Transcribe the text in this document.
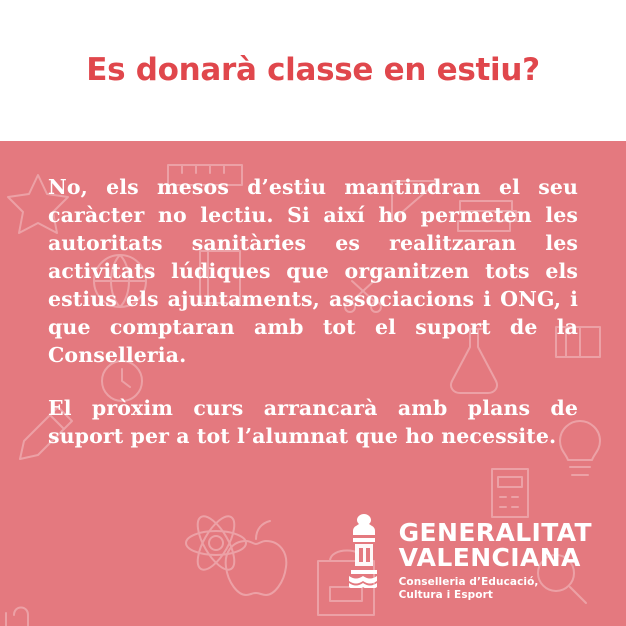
Es donarà classe en estiu?

No, els mesos d’estiu mantindran el seu caràcter no lectiu. Si així ho permeten les autoritats sanitàries es realitzaran les activitats lúdiques que organitzen tots els estius els ajuntaments, associacions i ONG, i que comptaran amb tot el suport de la Conselleria.

El pròxim curs arrancarà amb plans de suport per a tot l’alumnat que ho necessite.

GENERALITAT
VALENCIANA
Conselleria d’Educació,
Cultura i Esport
